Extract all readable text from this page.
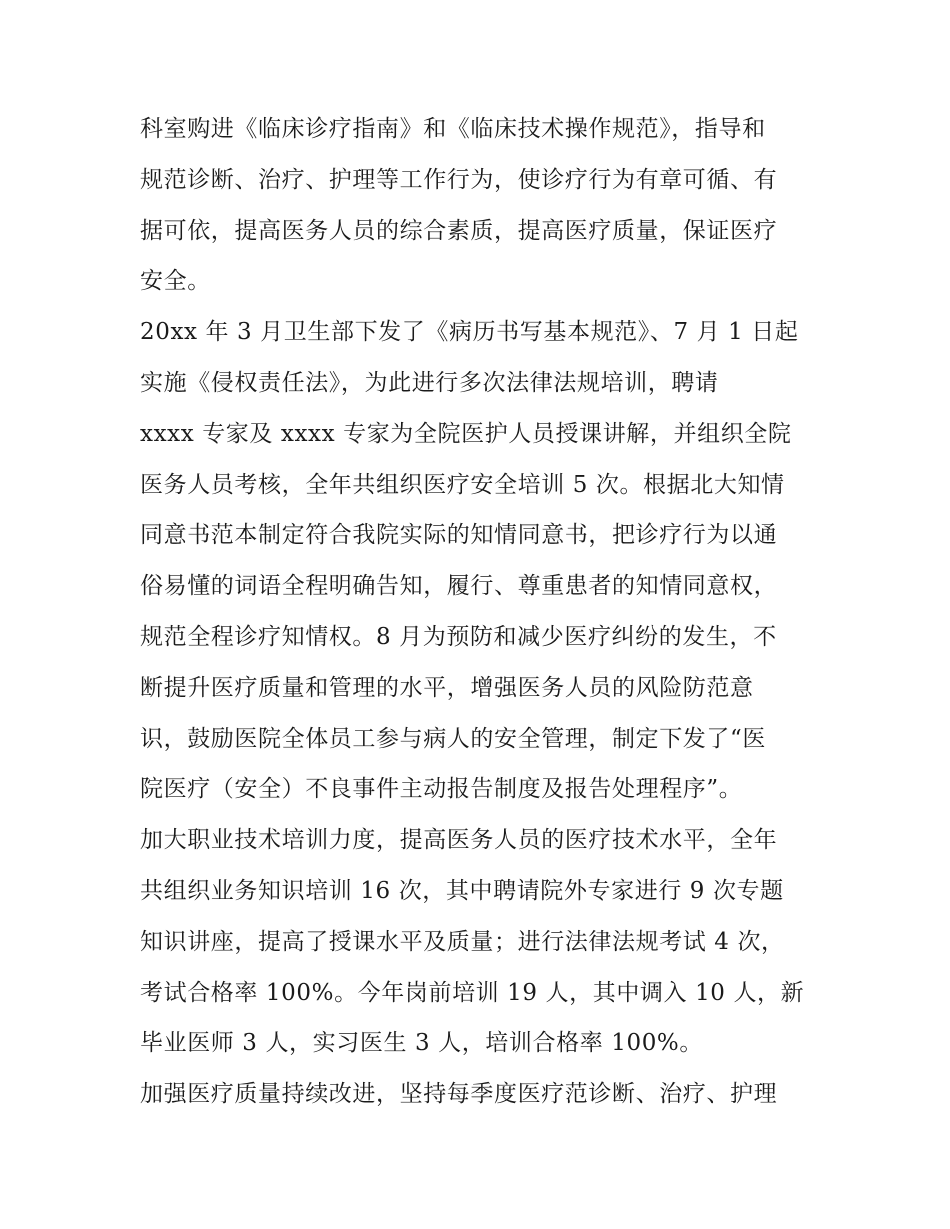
科室购进《临床诊疗指南》和《临床技术操作规范》，指导和
规范诊断、治疗、护理等工作行为，使诊疗行为有章可循、有
据可依，提高医务人员的综合素质，提高医疗质量，保证医疗
安全。
20xx 年 3 月卫生部下发了《病历书写基本规范》、7 月 1 日起
实施《侵权责任法》，为此进行多次法律法规培训，聘请
xxxx 专家及 xxxx 专家为全院医护人员授课讲解，并组织全院
医务人员考核，全年共组织医疗安全培训 5 次。根据北大知情
同意书范本制定符合我院实际的知情同意书，把诊疗行为以通
俗易懂的词语全程明确告知，履行、尊重患者的知情同意权，
规范全程诊疗知情权。8 月为预防和减少医疗纠纷的发生，不
断提升医疗质量和管理的水平，增强医务人员的风险防范意
识，鼓励医院全体员工参与病人的安全管理，制定下发了“医
院医疗（安全）不良事件主动报告制度及报告处理程序”。
加大职业技术培训力度，提高医务人员的医疗技术水平，全年
共组织业务知识培训 16 次，其中聘请院外专家进行 9 次专题
知识讲座，提高了授课水平及质量；进行法律法规考试 4 次，
考试合格率 100%。今年岗前培训 19 人，其中调入 10 人，新
毕业医师 3 人，实习医生 3 人，培训合格率 100%。
加强医疗质量持续改进，坚持每季度医疗范诊断、治疗、护理
